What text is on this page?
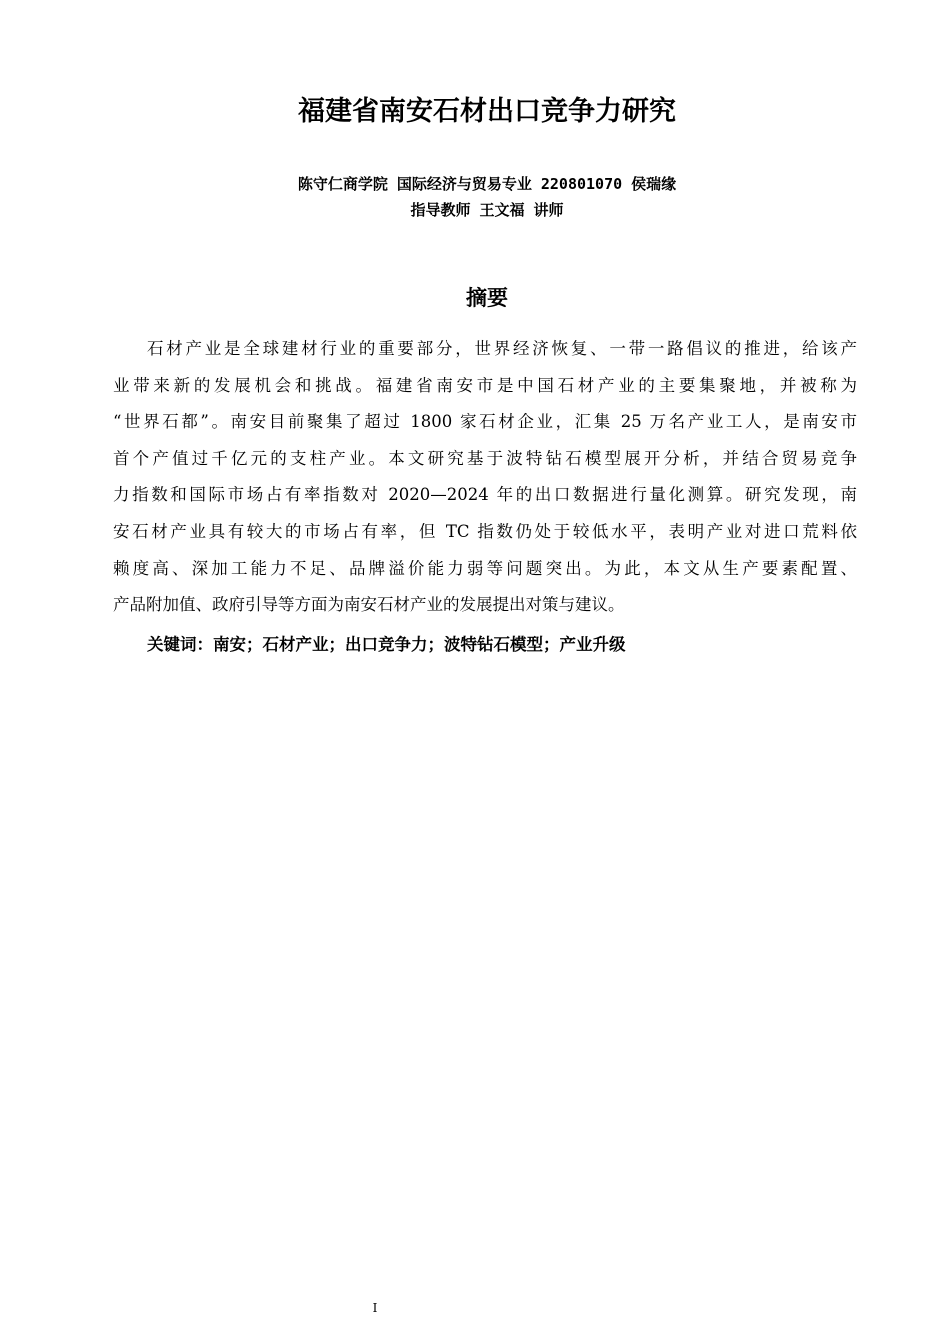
福建省南安石材出口竞争力研究
陈守仁商学院 国际经济与贸易专业 220801070 侯瑞缘
指导教师 王文福 讲师
摘要
石材产业是全球建材行业的重要部分，世界经济恢复、一带一路倡议的推进，给该产
业带来新的发展机会和挑战。福建省南安市是中国石材产业的主要集聚地，并被称为
“世界石都”。南安目前聚集了超过 1800 家石材企业，汇集 25 万名产业工人，是南安市
首个产值过千亿元的支柱产业。本文研究基于波特钻石模型展开分析，并结合贸易竞争
力指数和国际市场占有率指数对 2020—2024 年的出口数据进行量化测算。研究发现，南
安石材产业具有较大的市场占有率，但 TC 指数仍处于较低水平，表明产业对进口荒料依
赖度高、深加工能力不足、品牌溢价能力弱等问题突出。为此，本文从生产要素配置、
产品附加值、政府引导等方面为南安石材产业的发展提出对策与建议。
关键词：南安；石材产业；出口竞争力；波特钻石模型；产业升级
I
